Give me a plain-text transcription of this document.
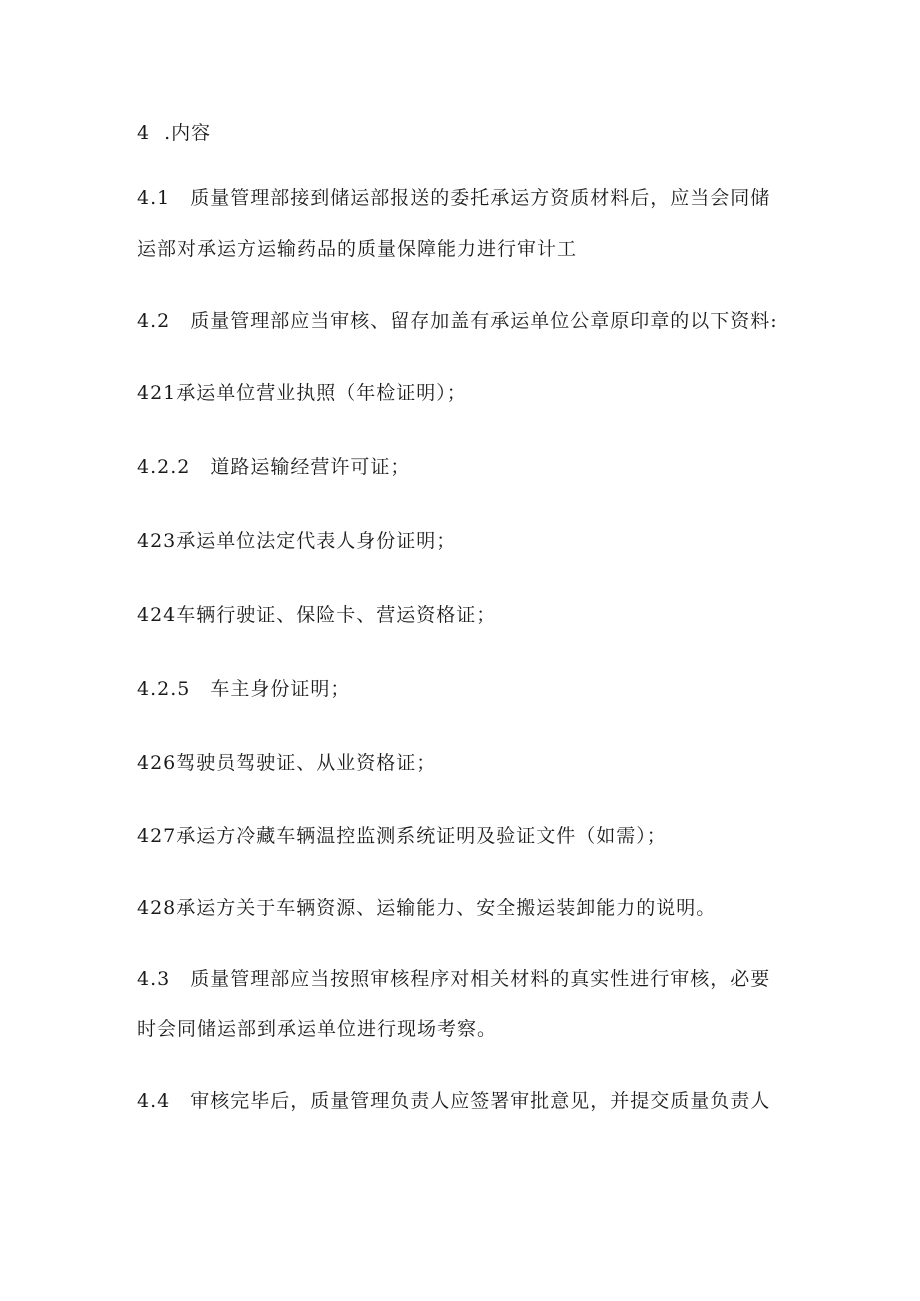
4 .内容
4.1 质量管理部接到储运部报送的委托承运方资质材料后，应当会同储
运部对承运方运输药品的质量保障能力进行审计工
4.2 质量管理部应当审核、留存加盖有承运单位公章原印章的以下资料:
421承运单位营业执照（年检证明）；
4.2.2 道路运输经营许可证；
423承运单位法定代表人身份证明；
424车辆行驶证、保险卡、营运资格证；
4.2.5 车主身份证明；
426驾驶员驾驶证、从业资格证；
427承运方冷藏车辆温控监测系统证明及验证文件（如需）；
428承运方关于车辆资源、运输能力、安全搬运装卸能力的说明。
4.3 质量管理部应当按照审核程序对相关材料的真实性进行审核，必要
时会同储运部到承运单位进行现场考察。
4.4 审核完毕后，质量管理负责人应签署审批意见，并提交质量负责人
